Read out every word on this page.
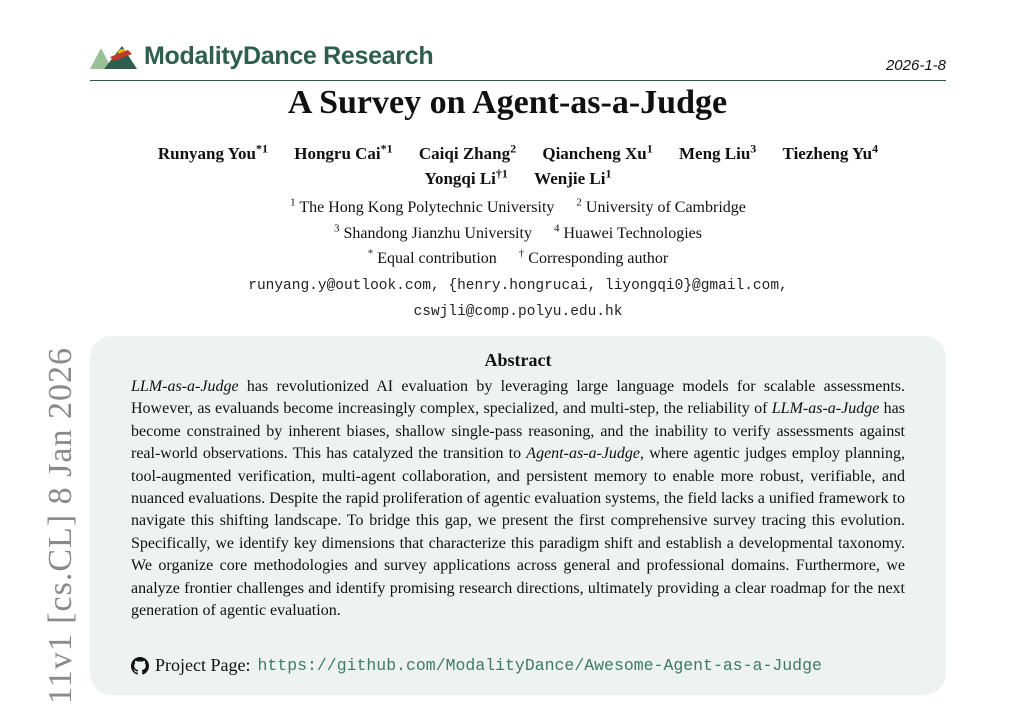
11v1 [cs.CL] 8 Jan 2026
ModalityDance Research	2026-1-8
A Survey on Agent-as-a-Judge
Runyang You$^{*1}$ Hongru Cai$^{*1}$ Caiqi Zhang$^2$ Qiancheng Xu$^1$ Meng Liu$^3$ Tiezheng Yu$^4$
Yongqi Li$^{\dagger 1}$ Wenjie Li$^1$
$^1$ The Hong Kong Polytechnic University $^2$ University of Cambridge
$^3$ Shandong Jianzhu University $^4$ Huawei Technologies
* Equal contribution † Corresponding author
runyang.y@outlook.com, {henry.hongrucai, liyongqi0}@gmail.com,
cswjli@comp.polyu.edu.hk
Abstract
LLM-as-a-Judge has revolutionized AI evaluation by leveraging large language models for scalable assessments. However, as evaluands become increasingly complex, specialized, and multi-step, the reliability of LLM-as-a-Judge has become constrained by inherent biases, shallow single-pass reasoning, and the inability to verify assessments against real-world observations. This has catalyzed the transition to Agent-as-a-Judge, where agentic judges employ planning, tool-augmented verification, multi-agent collaboration, and persistent memory to enable more robust, verifiable, and nuanced evaluations. Despite the rapid proliferation of agentic evaluation systems, the field lacks a unified framework to navigate this shifting landscape. To bridge this gap, we present the first comprehensive survey tracing this evolution. Specifically, we identify key dimensions that characterize this paradigm shift and establish a developmental taxonomy. We organize core methodologies and survey applications across general and professional domains. Furthermore, we analyze frontier challenges and identify promising research directions, ultimately providing a clear roadmap for the next generation of agentic evaluation.
Project Page: https://github.com/ModalityDance/Awesome-Agent-as-a-Judge
